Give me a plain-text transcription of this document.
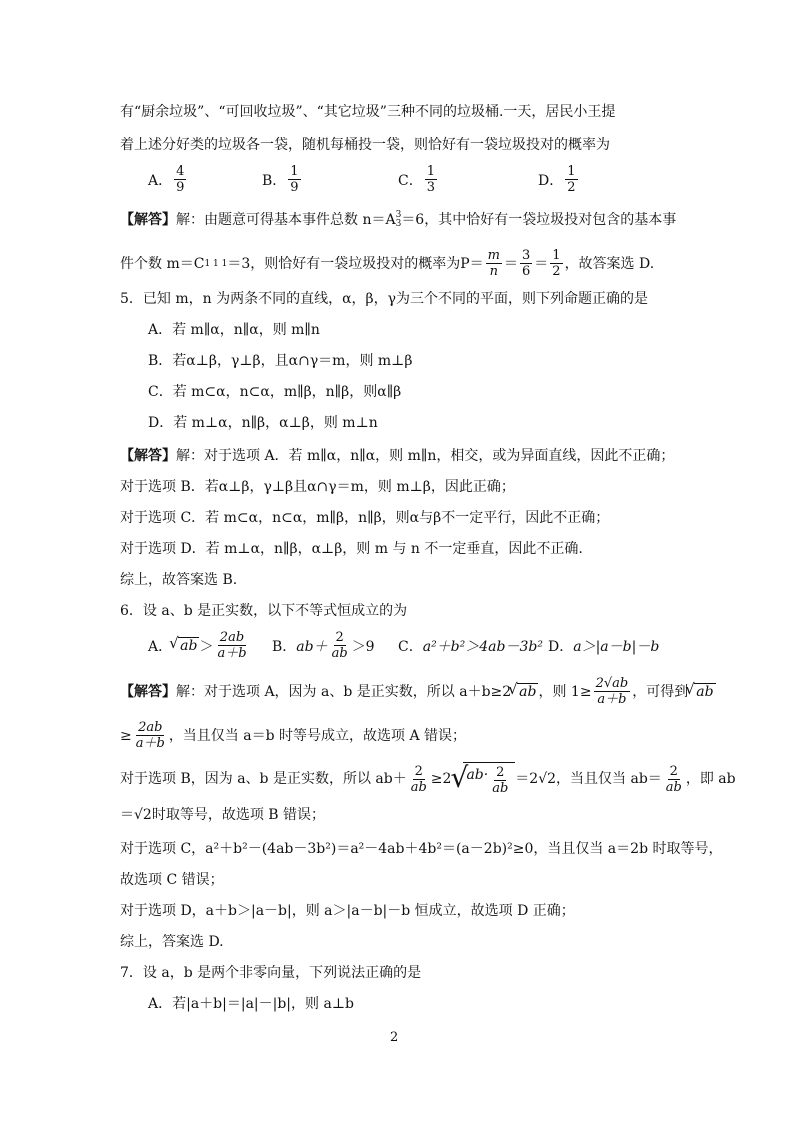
有“厨余垃圾”、“可回收垃圾”、“其它垃圾”三种不同的垃圾桶.一天，居民小王提
着上述分好类的垃圾各一袋，随机每桶投一袋，则恰好有一袋垃圾投对的概率为
A． $\frac{4}{9}$	B． $\frac{1}{9}$	C． $\frac{1}{3}$	D． $\frac{1}{2}$
【解答】解：由题意可得基本事件总数 n＝A 3
3 ＝6，其中恰好有一袋垃圾投对包含的基本事
件个数 m＝C 1 1 1 ＝3，则恰好有一袋垃圾投对的概率为$P= \frac{m}{n} = \frac{3}{6} = \frac{1}{2}$ ，故答案选 D.
5．已知 m，n 为两条不同的直线，α，β，γ为三个不同的平面，则下列命题正确的是
A．若 m∥α，n∥α，则 m∥n
B．若α⊥β，γ⊥β，且α∩γ＝m，则 m⊥β
C．若 m⊂α，n⊂α，m∥β，n∥β，则α∥β
D．若 m⊥α，n∥β，α⊥β，则 m⊥n
【解答】解：对于选项 A．若 m∥α，n∥α，则 m∥n，相交，或为异面直线，因此不正确；
对于选项 B．若α⊥β，γ⊥β且α∩γ＝m，则 m⊥β，因此正确；
对于选项 C．若 m⊂α，n⊂α，m∥β，n∥β，则α与β不一定平行，因此不正确；
对于选项 D．若 m⊥α，n∥β，α⊥β，则 m 与 n 不一定垂直，因此不正确.
综上，故答案选 B.
6．设 a、b 是正实数，以下不等式恒成立的为
A． √ ab ＞ $\frac{2ab}{a+b}$ B． $ab+ \frac{2}{ab} >9$ C． a²＋b²＞4ab－3b² D． a＞|a－b|－b
【解答】 解：对于选项 A，因为 a、b 是正实数，所以 a＋b≥2 √ ab ，则 $1\ge \frac{2√ab}{a+b}$ ，可得到 √ ab
≥ $\frac{2ab}{a+b}$ ，当且仅当 a＝b 时等号成立，故选项 A 错误；
对于选项 B，因为 a、b 是正实数，所以 $ab+ \frac{2}{ab} \ge 2$ √ $ab\cdot \frac{2}{ab} =2√2$，当且仅当 $ab= \frac{2}{ab}$ ，即 ab
＝√2时取等号，故选项 B 错误；
对于选项 C，a²＋b²－(4ab－3b²)＝a²－4ab＋4b²＝(a－2b)²≥0，当且仅当 a＝2b 时取等号，
故选项 C 错误；
对于选项 D，a＋b＞|a－b|，则 a＞|a－b|－b 恒成立，故选项 D 正确；
综上，答案选 D.
7．设 a，b 是两个非零向量，下列说法正确的是
A．若|a＋b|＝|a|－|b|，则 a⊥b
2
